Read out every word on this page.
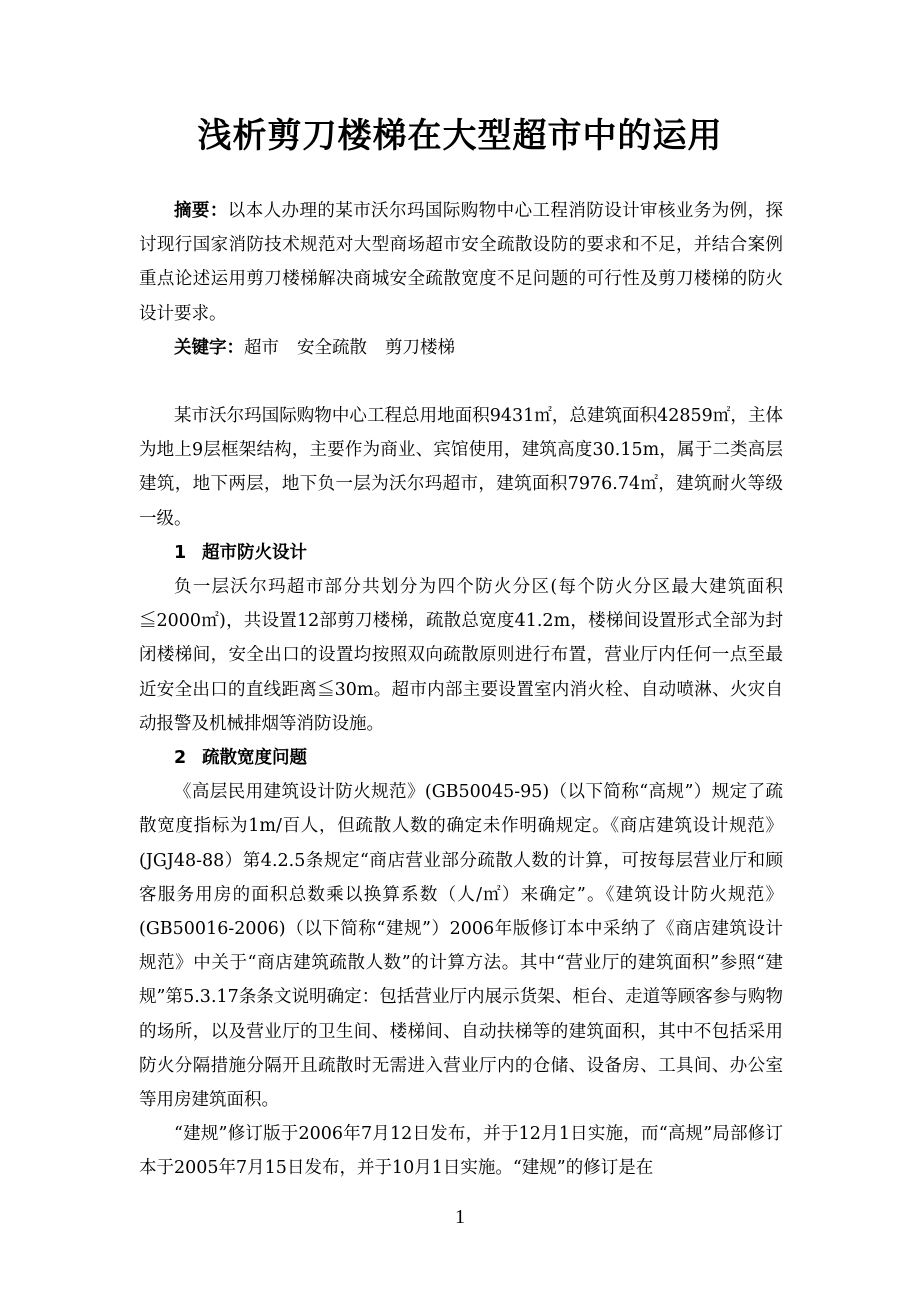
浅析剪刀楼梯在大型超市中的运用

摘要：以本人办理的某市沃尔玛国际购物中心工程消防设计审核业务为例，探讨现行国家消防技术规范对大型商场超市安全疏散设防的要求和不足，并结合案例重点论述运用剪刀楼梯解决商城安全疏散宽度不足问题的可行性及剪刀楼梯的防火设计要求。

关键字：超市 安全疏散 剪刀楼梯

某市沃尔玛国际购物中心工程总用地面积9431㎡，总建筑面积42859㎡，主体为地上9层框架结构，主要作为商业、宾馆使用，建筑高度30.15m，属于二类高层建筑，地下两层，地下负一层为沃尔玛超市，建筑面积7976.74㎡，建筑耐火等级一级。

1 超市防火设计

负一层沃尔玛超市部分共划分为四个防火分区(每个防火分区最大建筑面积≦2000㎡)，共设置12部剪刀楼梯，疏散总宽度41.2m，楼梯间设置形式全部为封闭楼梯间，安全出口的设置均按照双向疏散原则进行布置，营业厅内任何一点至最近安全出口的直线距离≦30m。超市内部主要设置室内消火栓、自动喷淋、火灾自动报警及机械排烟等消防设施。

2 疏散宽度问题

《高层民用建筑设计防火规范》(GB50045-95)（以下简称“高规”）规定了疏散宽度指标为1m/百人，但疏散人数的确定未作明确规定。《商店建筑设计规范》(JGJ48-88）第4.2.5条规定“商店营业部分疏散人数的计算，可按每层营业厅和顾客服务用房的面积总数乘以换算系数（人/㎡）来确定”。《建筑设计防火规范》(GB50016-2006)（以下简称“建规”）2006年版修订本中采纳了《商店建筑设计规范》中关于“商店建筑疏散人数”的计算方法。其中“营业厅的建筑面积”参照“建规”第5.3.17条条文说明确定：包括营业厅内展示货架、柜台、走道等顾客参与购物的场所，以及营业厅的卫生间、楼梯间、自动扶梯等的建筑面积，其中不包括采用防火分隔措施分隔开且疏散时无需进入营业厅内的仓储、设备房、工具间、办公室等用房建筑面积。

“建规”修订版于2006年7月12日发布，并于12月1日实施，而“高规”局部修订本于2005年7月15日发布，并于10月1日实施。“建规”的修订是在

1
